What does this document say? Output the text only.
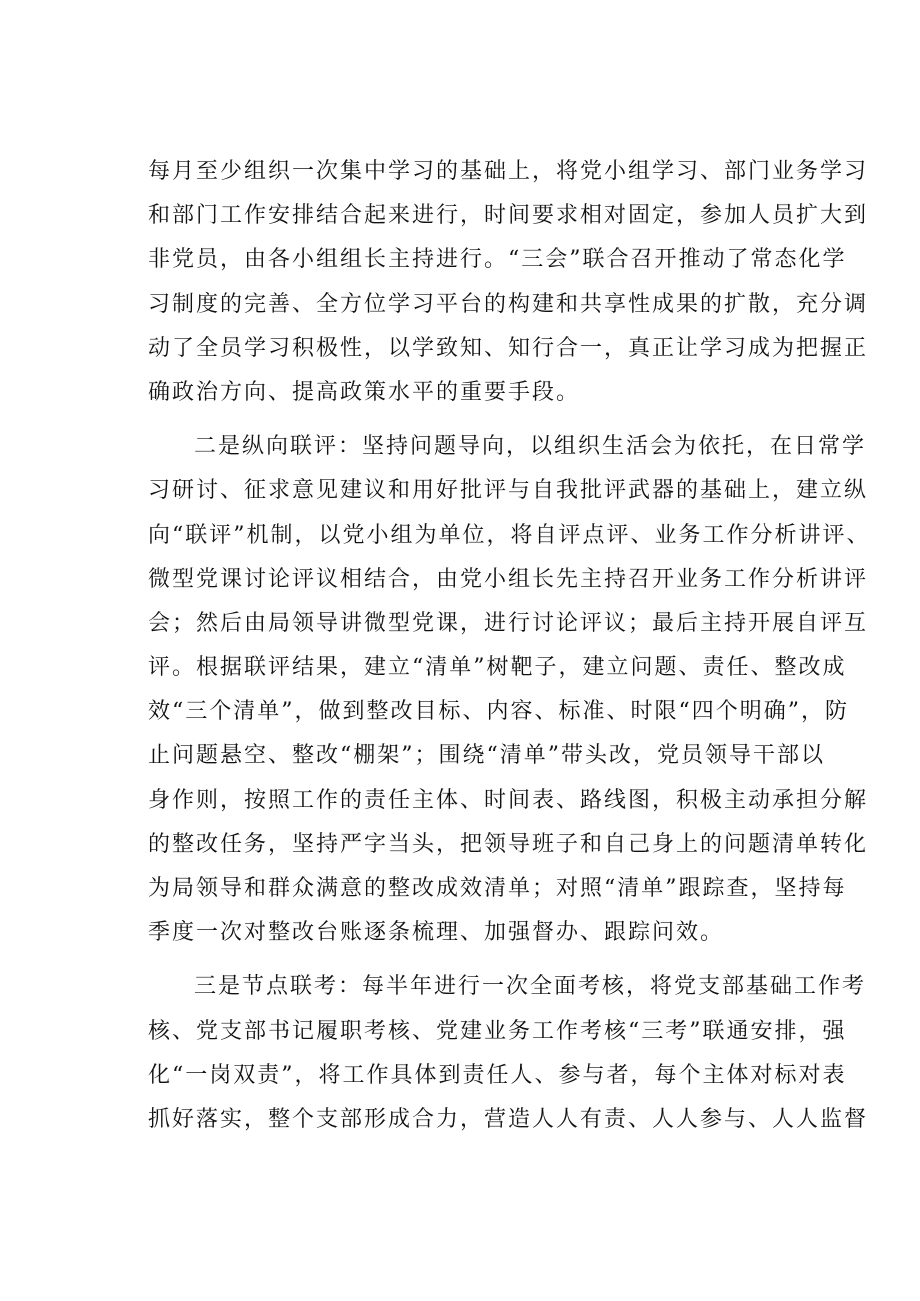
每月至少组织一次集中学习的基础上，将党小组学习、部门业务学习
和部门工作安排结合起来进行，时间要求相对固定，参加人员扩大到
非党员，由各小组组长主持进行。“三会”联合召开推动了常态化学
习制度的完善、全方位学习平台的构建和共享性成果的扩散，充分调
动了全员学习积极性，以学致知、知行合一，真正让学习成为把握正
确政治方向、提高政策水平的重要手段。
二是纵向联评：坚持问题导向，以组织生活会为依托，在日常学
习研讨、征求意见建议和用好批评与自我批评武器的基础上，建立纵
向“联评”机制，以党小组为单位，将自评点评、业务工作分析讲评、
微型党课讨论评议相结合，由党小组长先主持召开业务工作分析讲评
会；然后由局领导讲微型党课，进行讨论评议；最后主持开展自评互
评。根据联评结果，建立“清单”树靶子，建立问题、责任、整改成
效“三个清单”，做到整改目标、内容、标准、时限“四个明确”，防
止问题悬空、整改“棚架”；围绕“清单”带头改，党员领导干部以
身作则，按照工作的责任主体、时间表、路线图，积极主动承担分解
的整改任务，坚持严字当头，把领导班子和自己身上的问题清单转化
为局领导和群众满意的整改成效清单；对照“清单”跟踪查，坚持每
季度一次对整改台账逐条梳理、加强督办、跟踪问效。
三是节点联考：每半年进行一次全面考核，将党支部基础工作考
核、党支部书记履职考核、党建业务工作考核“三考”联通安排，强
化“一岗双责”，将工作具体到责任人、参与者，每个主体对标对表
抓好落实，整个支部形成合力，营造人人有责、人人参与、人人监督
